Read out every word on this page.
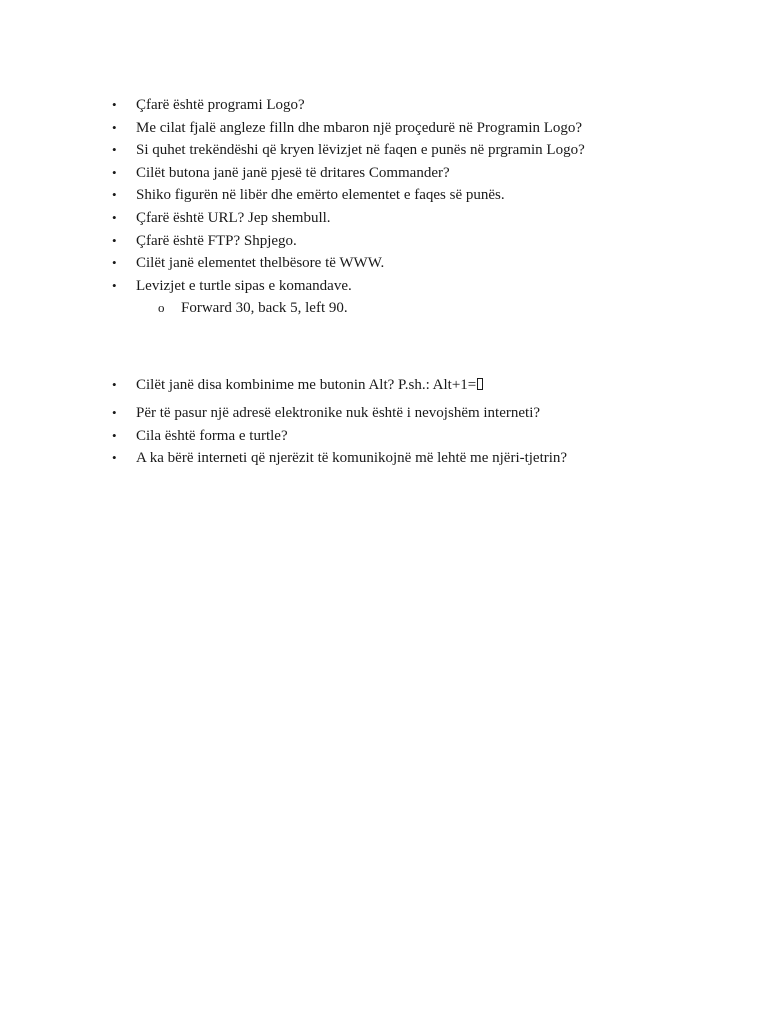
• Çfarë është programi Logo?
• Me cilat fjalë angleze filln dhe mbaron një proçedurë në Programin Logo?
• Si quhet trekëndëshi që kryen lëvizjet në faqen e punës në prgramin Logo?
• Cilët butona janë janë pjesë të dritares Commander?
• Shiko figurën në libër dhe emërto elementet e faqes së punës.
• Çfarë është URL? Jep shembull.
• Çfarë është FTP? Shpjego.
• Cilët janë elementet thelbësore të WWW.
• Levizjet e turtle sipas e komandave.
o Forward 30, back 5, left 90.
• Cilët janë disa kombinime me butonin Alt? P.sh.: Alt+1=
• Për të pasur një adresë elektronike nuk është i nevojshëm interneti?
• Cila është forma e turtle?
• A ka bërë interneti që njerëzit të komunikojnë më lehtë me njëri-tjetrin?
